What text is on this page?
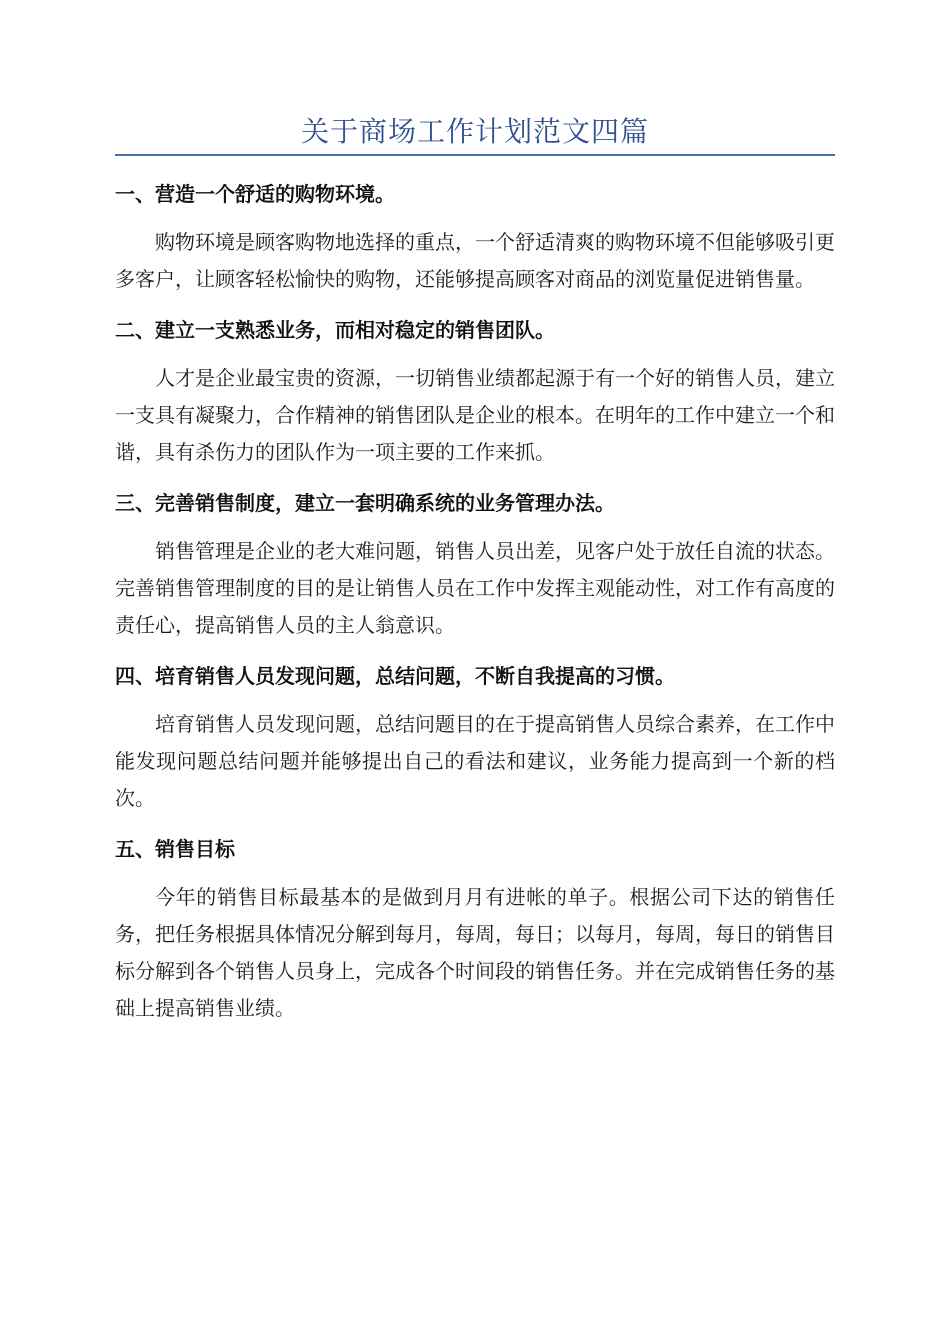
关于商场工作计划范文四篇
一、营造一个舒适的购物环境。

购物环境是顾客购物地选择的重点，一个舒适清爽的购物环境不但能够吸引更多客户，让顾客轻松愉快的购物，还能够提高顾客对商品的浏览量促进销售量。

二、建立一支熟悉业务，而相对稳定的销售团队。

人才是企业最宝贵的资源，一切销售业绩都起源于有一个好的销售人员，建立一支具有凝聚力，合作精神的销售团队是企业的根本。在明年的工作中建立一个和谐，具有杀伤力的团队作为一项主要的工作来抓。

三、完善销售制度，建立一套明确系统的业务管理办法。

销售管理是企业的老大难问题，销售人员出差，见客户处于放任自流的状态。完善销售管理制度的目的是让销售人员在工作中发挥主观能动性，对工作有高度的责任心，提高销售人员的主人翁意识。

四、培育销售人员发现问题，总结问题，不断自我提高的习惯。

培育销售人员发现问题，总结问题目的在于提高销售人员综合素养，在工作中能发现问题总结问题并能够提出自己的看法和建议，业务能力提高到一个新的档次。

五、销售目标

今年的销售目标最基本的是做到月月有进帐的单子。根据公司下达的销售任务，把任务根据具体情况分解到每月，每周，每日；以每月，每周，每日的销售目标分解到各个销售人员身上，完成各个时间段的销售任务。并在完成销售任务的基础上提高销售业绩。
